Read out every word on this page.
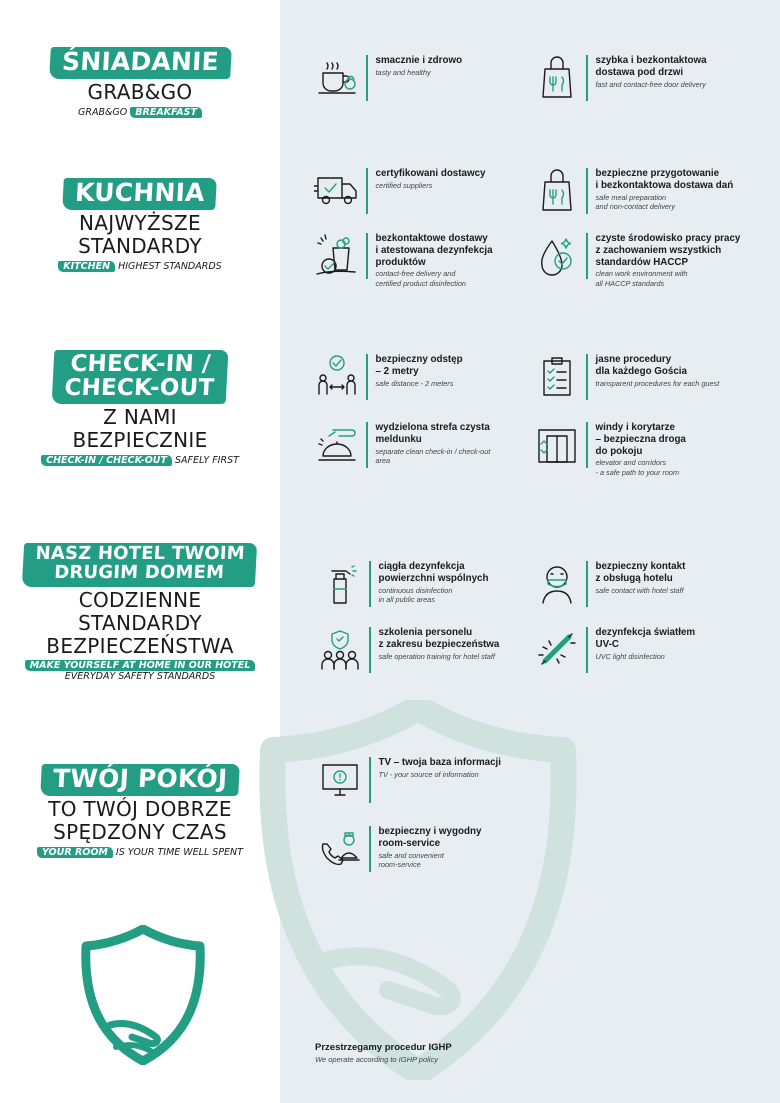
ŚNIADANIE
GRAB&GO
GRAB&GO BREAKFAST
KUCHNIA
NAJWYŻSZE
STANDARDY
KITCHEN HIGHEST STANDARDS
CHECK-IN /
CHECK-OUT
Z NAMI
BEZPIECZNIE
CHECK-IN / CHECK-OUT SAFELY FIRST
NASZ HOTEL TWOIM
DRUGIM DOMEM
CODZIENNE
STANDARDY
BEZPIECZEŃSTWA
MAKE YOURSELF AT HOME IN OUR HOTEL
EVERYDAY SAFETY STANDARDS
TWÓJ POKÓJ
TO TWÓJ DOBRZE
SPĘDZONY CZAS
YOUR ROOM IS YOUR TIME WELL SPENT
smacznie i zdrowo
tasty and healthy
szybka i bezkontaktowa
dostawa pod drzwi
fast and contact-free door delivery
certyfikowani dostawcy
certified suppliers
bezpieczne przygotowanie
i bezkontaktowa dostawa dań
safe meal preparation
and non-contact delivery
bezkontaktowe dostawy
i atestowana dezynfekcja
produktów
contact-free delivery and
certified product disinfection
czyste środowisko pracy pracy
z zachowaniem wszystkich
standardów HACCP
clean work environment with
all HACCP standards
bezpieczny odstęp
– 2 metry
safe distance - 2 meters
jasne procedury
dla każdego Gościa
transparent procedures for each guest
wydzielona strefa czysta
meldunku
separate clean check-in / check-out
area
windy i korytarze
– bezpieczna droga
do pokoju
elevator and corridors
- a safe path to your room
ciągła dezynfekcja
powierzchni wspólnych
continuous disinfection
in all public areas
bezpieczny kontakt
z obsługą hotelu
safe contact with hotel staff
szkolenia personelu
z zakresu bezpieczeństwa
safe operation training for hotel staff
dezynfekcja światłem
UV-C
UVC light disinfection
TV – twoja baza informacji
TV - your source of information
bezpieczny i wygodny
room-service
safe and convenient
room-service
Przestrzegamy procedur IGHP
We operate according to IGHP policy
